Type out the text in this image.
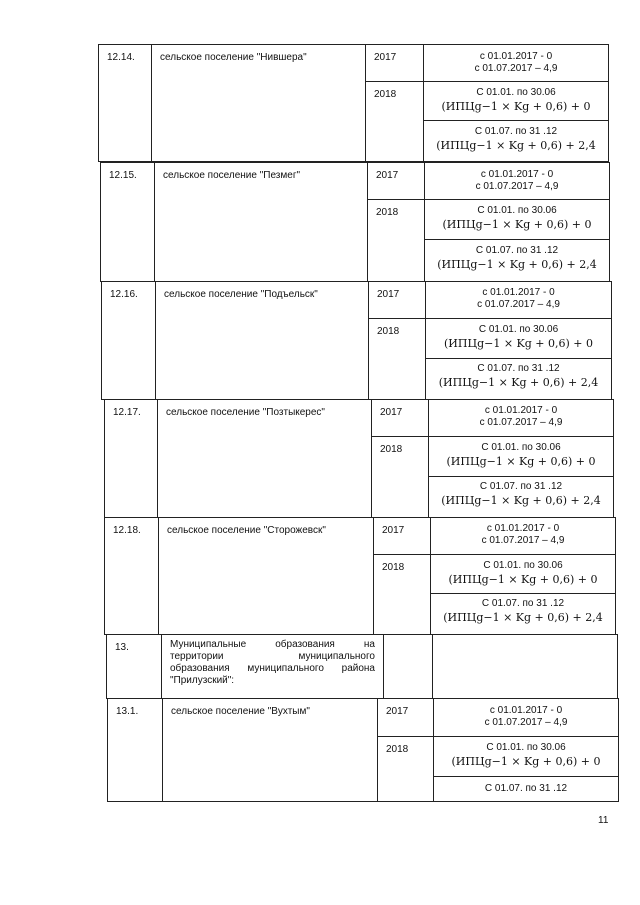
12.14.	сельское поселение "Нившера"	2017	с 01.01.2017 - 0
с 01.07.2017 – 4,9
2018	С 01.01. по 30.06
(ИПЦg−1 × Kg + 0,6) + 0
С 01.07. по 31 .12
(ИПЦg−1 × Kg + 0,6) + 2,4
12.15.	сельское поселение "Пезмег"	2017	с 01.01.2017 - 0
с 01.07.2017 – 4,9
2018	С 01.01. по 30.06
(ИПЦg−1 × Kg + 0,6) + 0
С 01.07. по 31 .12
(ИПЦg−1 × Kg + 0,6) + 2,4
12.16.	сельское поселение "Подъельск"	2017	с 01.01.2017 - 0
с 01.07.2017 – 4,9
2018	С 01.01. по 30.06
(ИПЦg−1 × Kg + 0,6) + 0
С 01.07. по 31 .12
(ИПЦg−1 × Kg + 0,6) + 2,4
12.17.	сельское поселение "Позтыкерес"	2017	с 01.01.2017 - 0
с 01.07.2017 – 4,9
2018	С 01.01. по 30.06
(ИПЦg−1 × Kg + 0,6) + 0
С 01.07. по 31 .12
(ИПЦg−1 × Kg + 0,6) + 2,4
12.18.	сельское поселение "Сторожевск"	2017	с 01.01.2017 - 0
с 01.07.2017 – 4,9
2018	С 01.01. по 30.06
(ИПЦg−1 × Kg + 0,6) + 0
С 01.07. по 31 .12
(ИПЦg−1 × Kg + 0,6) + 2,4
13.	Муниципальные образования на
территории муниципального
образования муниципального района
"Прилузский":
13.1.	сельское поселение "Вухтым"	2017	с 01.01.2017 - 0
с 01.07.2017 – 4,9
2018	С 01.01. по 30.06
(ИПЦg−1 × Kg + 0,6) + 0
С 01.07. по 31 .12
11
